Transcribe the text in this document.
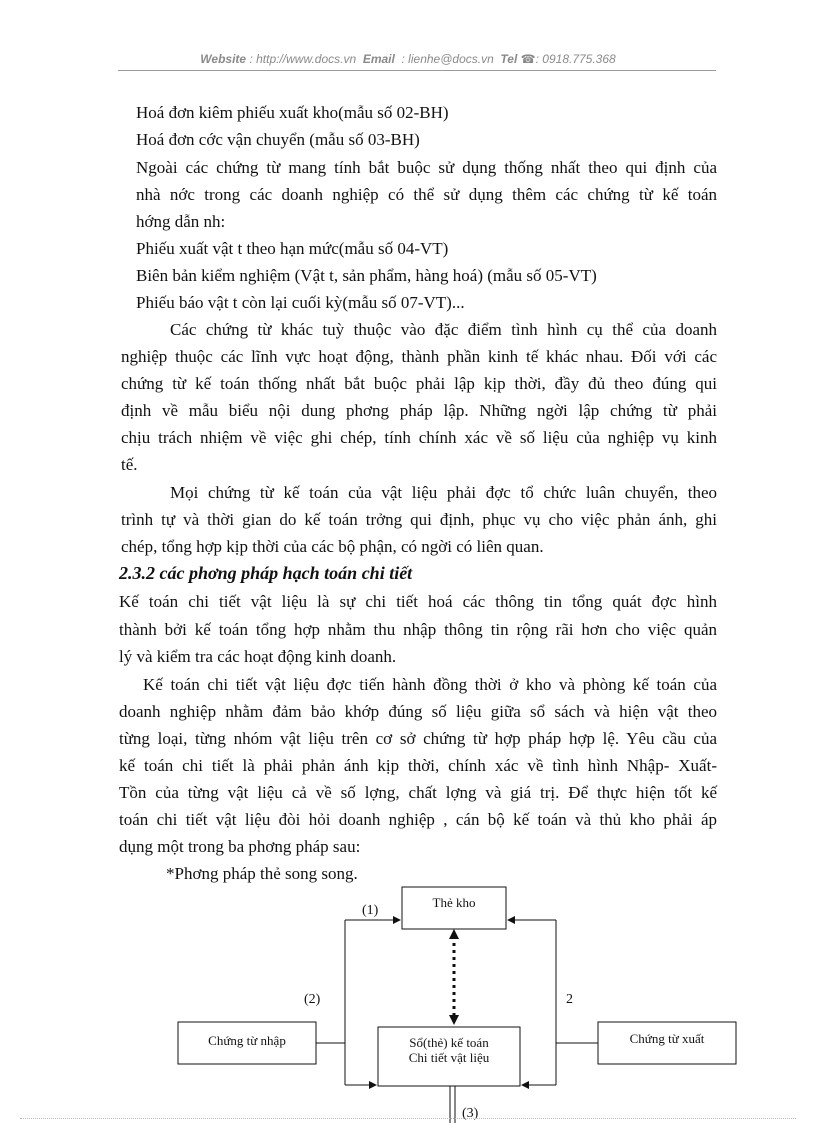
Website : http://www.docs.vn Email : lienhe@docs.vn Tel ☎: 0918.775.368
Hoá đơn kiêm phiếu xuất kho(mẫu số 02-BH)
Hoá đơn cớc vận chuyển (mẫu số 03-BH)
Ngoài các chứng từ mang tính bắt buộc sử dụng thống nhất theo qui định của
nhà nớc trong các doanh nghiệp có thể sử dụng thêm các chứng từ kế toán
hớng dẫn nh:
Phiếu xuất vật t theo hạn mức(mẫu số 04-VT)
Biên bản kiểm nghiệm (Vật t, sản phẩm, hàng hoá) (mẫu số 05-VT)
Phiếu báo vật t còn lại cuối kỳ(mẫu số 07-VT)...
Các chứng từ khác tuỳ thuộc vào đặc điểm tình hình cụ thể của doanh
nghiệp thuộc các lĩnh vực hoạt động, thành phần kinh tế khác nhau. Đối với các
chứng từ kế toán thống nhất bắt buộc phải lập kịp thời, đầy đủ theo đúng qui
định về mẫu biểu nội dung phơng pháp lập. Những ngời lập chứng từ phải
chịu trách nhiệm về việc ghi chép, tính chính xác về số liệu của nghiệp vụ kinh
tế.
Mọi chứng từ kế toán của vật liệu phải đợc tổ chức luân chuyển, theo
trình tự và thời gian do kế toán trởng qui định, phục vụ cho việc phản ánh, ghi
chép, tổng hợp kịp thời của các bộ phận, có ngời có liên quan.
2.3.2 các phơng pháp hạch toán chi tiết
Kế toán chi tiết vật liệu là sự chi tiết hoá các thông tin tổng quát đợc hình
thành bởi kế toán tổng hợp nhằm thu nhập thông tin rộng rãi hơn cho việc quản
lý và kiểm tra các hoạt động kinh doanh.
Kế toán chi tiết vật liệu đợc tiến hành đồng thời ở kho và phòng kế toán của
doanh nghiệp nhằm đảm bảo khớp đúng số liệu giữa sổ sách và hiện vật theo
từng loại, từng nhóm vật liệu trên cơ sở chứng từ hợp pháp hợp lệ. Yêu cầu của
kế toán chi tiết là phải phản ánh kịp thời, chính xác về tình hình Nhập- Xuất-
Tồn của từng vật liệu cả về số lợng, chất lợng và giá trị. Để thực hiện tốt kế
toán chi tiết vật liệu đòi hỏi doanh nghiệp , cán bộ kế toán và thủ kho phải áp
dụng một trong ba phơng pháp sau:
*Phơng pháp thẻ song song.
Thẻ kho
Chứng từ nhập	Chứng từ xuất
Sổ(thẻ) kế toán
Chi tiết vật liệu
(1)
(2)	2
(3)
